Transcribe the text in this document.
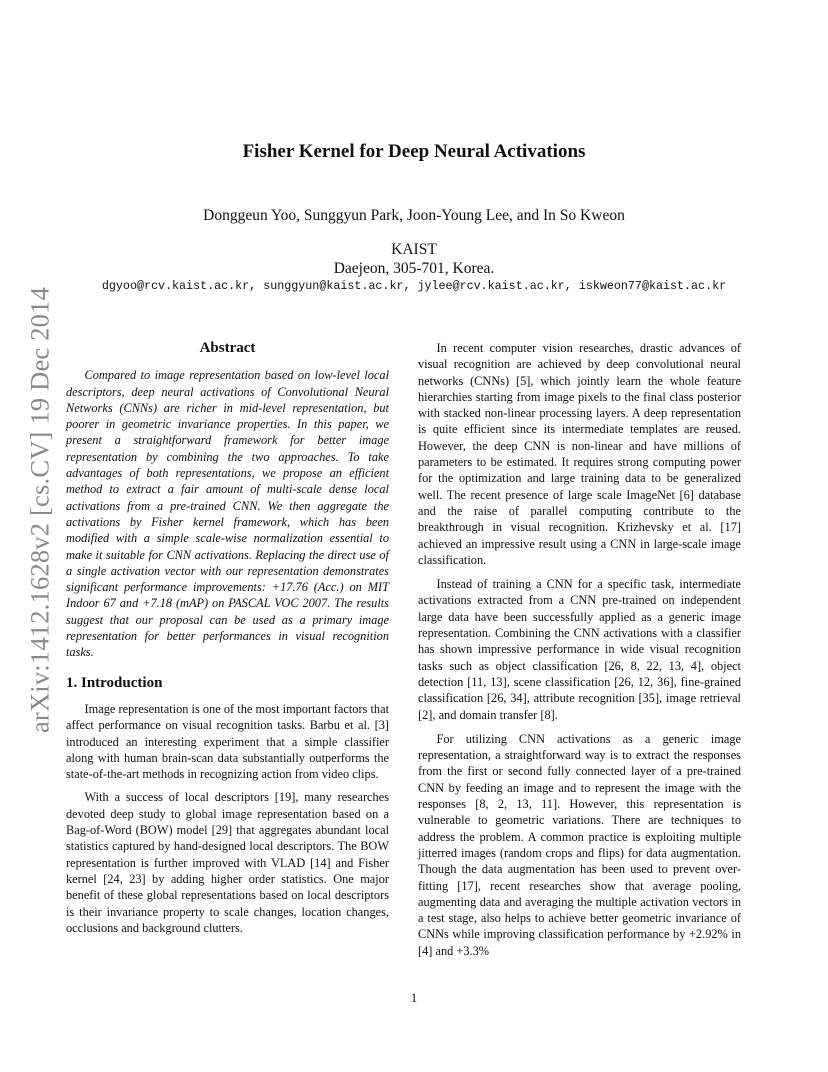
arXiv:1412.1628v2 [cs.CV] 19 Dec 2014
Fisher Kernel for Deep Neural Activations
Donggeun Yoo, Sunggyun Park, Joon-Young Lee, and In So Kweon
KAIST
Daejeon, 305-701, Korea.
dgyoo@rcv.kaist.ac.kr, sunggyun@kaist.ac.kr, jylee@rcv.kaist.ac.kr, iskweon77@kaist.ac.kr
Abstract

Compared to image representation based on low-level local descriptors, deep neural activations of Convolutional Neural Networks (CNNs) are richer in mid-level representation, but poorer in geometric invariance properties. In this paper, we present a straightforward framework for better image representation by combining the two approaches. To take advantages of both representations, we propose an efficient method to extract a fair amount of multi-scale dense local activations from a pre-trained CNN. We then aggregate the activations by Fisher kernel framework, which has been modified with a simple scale-wise normalization essential to make it suitable for CNN activations. Replacing the direct use of a single activation vector with our representation demonstrates significant performance improvements: +17.76 (Acc.) on MIT Indoor 67 and +7.18 (mAP) on PASCAL VOC 2007. The results suggest that our proposal can be used as a primary image representation for better performances in visual recognition tasks.

1. Introduction

Image representation is one of the most important factors that affect performance on visual recognition tasks. Barbu et al. [3] introduced an interesting experiment that a simple classifier along with human brain-scan data substantially outperforms the state-of-the-art methods in recognizing action from video clips.

With a success of local descriptors [19], many researches devoted deep study to global image representation based on a Bag-of-Word (BOW) model [29] that aggregates abundant local statistics captured by hand-designed local descriptors. The BOW representation is further improved with VLAD [14] and Fisher kernel [24, 23] by adding higher order statistics. One major benefit of these global representations based on local descriptors is their invariance property to scale changes, location changes, occlusions and background clutters.

In recent computer vision researches, drastic advances of visual recognition are achieved by deep convolutional neural networks (CNNs) [5], which jointly learn the whole feature hierarchies starting from image pixels to the final class posterior with stacked non-linear processing layers. A deep representation is quite efficient since its intermediate templates are reused. However, the deep CNN is non-linear and have millions of parameters to be estimated. It requires strong computing power for the optimization and large training data to be generalized well. The recent presence of large scale ImageNet [6] database and the raise of parallel computing contribute to the breakthrough in visual recognition. Krizhevsky et al. [17] achieved an impressive result using a CNN in large-scale image classification.

Instead of training a CNN for a specific task, intermediate activations extracted from a CNN pre-trained on independent large data have been successfully applied as a generic image representation. Combining the CNN activations with a classifier has shown impressive performance in wide visual recognition tasks such as object classification [26, 8, 22, 13, 4], object detection [11, 13], scene classification [26, 12, 36], fine-grained classification [26, 34], attribute recognition [35], image retrieval [2], and domain transfer [8].

For utilizing CNN activations as a generic image representation, a straightforward way is to extract the responses from the first or second fully connected layer of a pre-trained CNN by feeding an image and to represent the image with the responses [8, 2, 13, 11]. However, this representation is vulnerable to geometric variations. There are techniques to address the problem. A common practice is exploiting multiple jitterred images (random crops and flips) for data augmentation. Though the data augmentation has been used to prevent over-fitting [17], recent researches show that average pooling, augmenting data and averaging the multiple activation vectors in a test stage, also helps to achieve better geometric invariance of CNNs while improving classification performance by +2.92% in [4] and +3.3%

1
